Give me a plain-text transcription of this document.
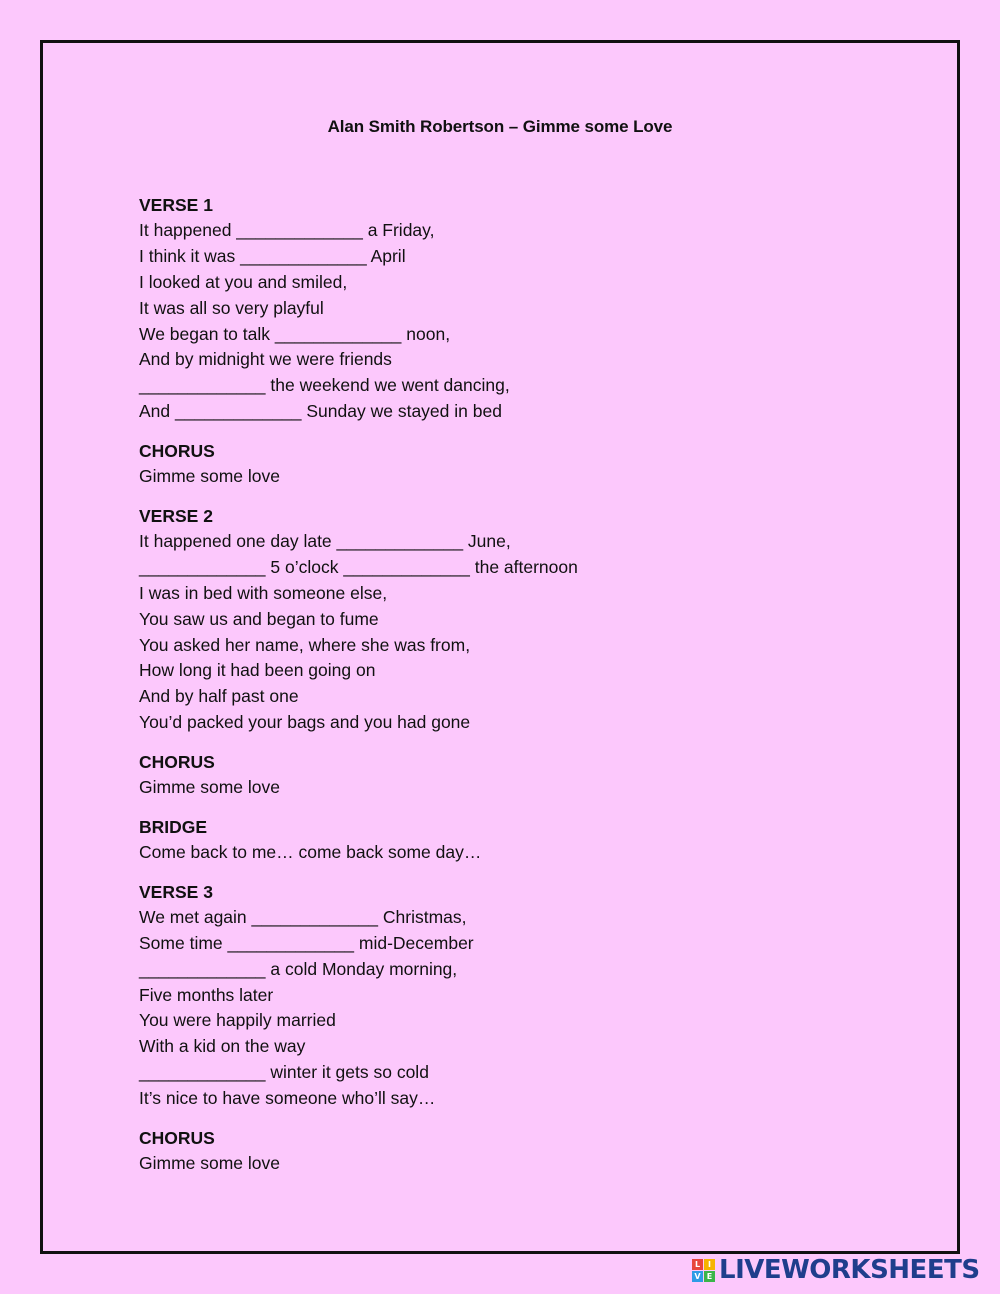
Alan Smith Robertson – Gimme some Love
VERSE 1
It happened _____________ a Friday,
I think it was _____________ April
I looked at you and smiled,
It was all so very playful
We began to talk _____________ noon,
And by midnight we were friends
_____________ the weekend we went dancing,
And _____________ Sunday we stayed in bed
CHORUS
Gimme some love
VERSE 2
It happened one day late _____________ June,
_____________ 5 o’clock _____________ the afternoon
I was in bed with someone else,
You saw us and began to fume
You asked her name, where she was from,
How long it had been going on
And by half past one
You’d packed your bags and you had gone
CHORUS
Gimme some love
BRIDGE
Come back to me… come back some day…
VERSE 3
We met again _____________ Christmas,
Some time _____________ mid-December
_____________ a cold Monday morning,
Five months later
You were happily married
With a kid on the way
_____________ winter it gets so cold
It’s nice to have someone who’ll say…
CHORUS
Gimme some love
L I
V E LIVEWORKSHEETS
